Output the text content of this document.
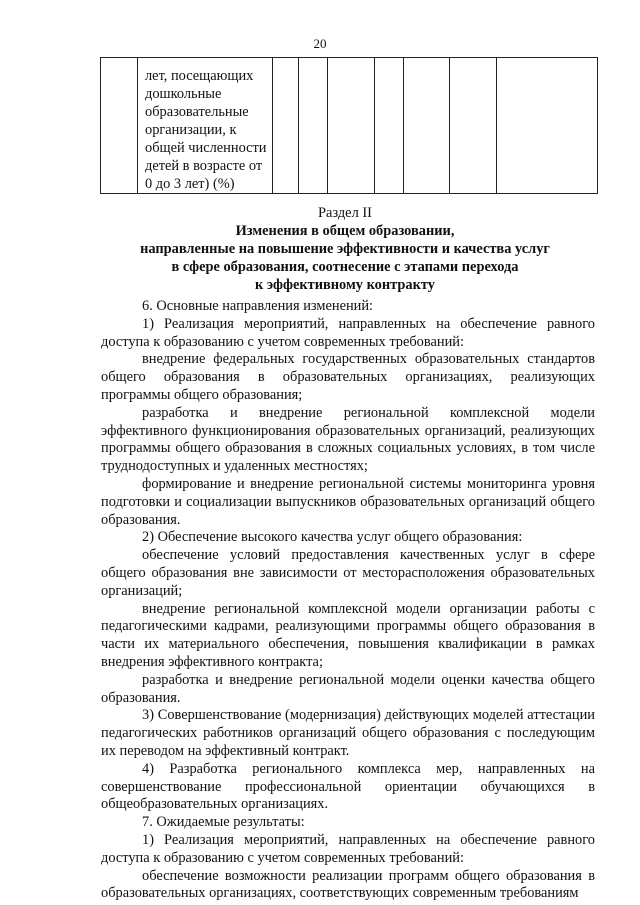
20

лет, посещающих
дошкольные
образовательные
организации, к
общей численности
детей в возрасте от
0 до 3 лет) (%)

Раздел II
Изменения в общем образовании,
направленные на повышение эффективности и качества услуг
в сфере образования, соотнесение с этапами перехода
к эффективному контракту

6. Основные направления изменений:

1) Реализация мероприятий, направленных на обеспечение равного доступа к образованию с учетом современных требований:

внедрение федеральных государственных образовательных стандартов общего образования в образовательных организациях, реализующих программы общего образования;

разработка и внедрение региональной комплексной модели эффективного функционирования образовательных организаций, реализующих программы общего образования в сложных социальных условиях, в том числе труднодоступных и удаленных местностях;

формирование и внедрение региональной системы мониторинга уровня подготовки и социализации выпускников образовательных организаций общего образования.

2) Обеспечение высокого качества услуг общего образования:

обеспечение условий предоставления качественных услуг в сфере общего образования вне зависимости от месторасположения образовательных организаций;

внедрение региональной комплексной модели организации работы с педагогическими кадрами, реализующими программы общего образования в части их материального обеспечения, повышения квалификации в рамках внедрения эффективного контракта;

разработка и внедрение региональной модели оценки качества общего образования.

3) Совершенствование (модернизация) действующих моделей аттестации педагогических работников организаций общего образования с последующим их переводом на эффективный контракт.

4) Разработка регионального комплекса мер, направленных на совершенствование профессиональной ориентации обучающихся в общеобразовательных организациях.

7. Ожидаемые результаты:

1) Реализация мероприятий, направленных на обеспечение равного доступа к образованию с учетом современных требований:

обеспечение возможности реализации программ общего образования в образовательных организациях, соответствующих современным требованиям
